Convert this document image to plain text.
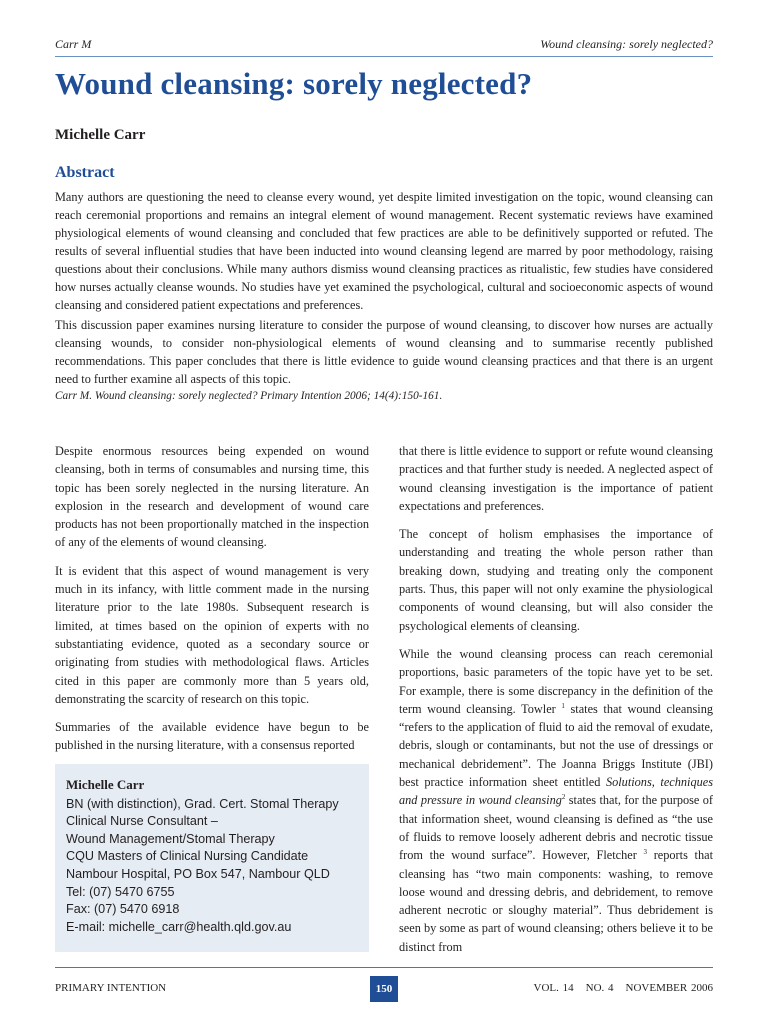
Carr M	Wound cleansing: sorely neglected?
Wound cleansing: sorely neglected?
Michelle Carr
Abstract

Many authors are questioning the need to cleanse every wound, yet despite limited investigation on the topic, wound cleansing can reach ceremonial proportions and remains an integral element of wound management. Recent systematic reviews have examined physiological elements of wound cleansing and concluded that few practices are able to be definitively supported or refuted. The results of several influential studies that have been inducted into wound cleansing legend are marred by poor methodology, raising questions about their conclusions. While many authors dismiss wound cleansing practices as ritualistic, few studies have considered how nurses actually cleanse wounds. No studies have yet examined the psychological, cultural and socioeconomic aspects of wound cleansing and considered patient expectations and preferences.

This discussion paper examines nursing literature to consider the purpose of wound cleansing, to discover how nurses are actually cleansing wounds, to consider non-physiological elements of wound cleansing and to summarise recently published recommendations. This paper concludes that there is little evidence to guide wound cleansing practices and that there is an urgent need to further examine all aspects of this topic.

Carr M. Wound cleansing: sorely neglected? Primary Intention 2006; 14(4):150-161.

Despite enormous resources being expended on wound cleansing, both in terms of consumables and nursing time, this topic has been sorely neglected in the nursing literature. An explosion in the research and development of wound care products has not been proportionally matched in the inspection of any of the elements of wound cleansing.

It is evident that this aspect of wound management is very much in its infancy, with little comment made in the nursing literature prior to the late 1980s. Subsequent research is limited, at times based on the opinion of experts with no substantiating evidence, quoted as a secondary source or originating from studies with methodological flaws. Articles cited in this paper are commonly more than 5 years old, demonstrating the scarcity of research on this topic.

Summaries of the available evidence have begun to be published in the nursing literature, with a consensus reported

that there is little evidence to support or refute wound cleansing practices and that further study is needed. A neglected aspect of wound cleansing investigation is the importance of patient expectations and preferences.

The concept of holism emphasises the importance of understanding and treating the whole person rather than breaking down, studying and treating only the component parts. Thus, this paper will not only examine the physiological components of wound cleansing, but will also consider the psychological elements of cleansing.

While the wound cleansing process can reach ceremonial proportions, basic parameters of the topic have yet to be set. For example, there is some discrepancy in the definition of the term wound cleansing. Towler $^1$ states that wound cleansing “refers to the application of fluid to aid the removal of exudate, debris, slough or contaminants, but not the use of dressings or mechanical debridement”. The Joanna Briggs Institute (JBI) best practice information sheet entitled Solutions, techniques and pressure in wound cleansing$^2$ states that, for the purpose of that information sheet, wound cleansing is defined as “the use of fluids to remove loosely adherent debris and necrotic tissue from the wound surface”. However, Fletcher $^3$ reports that cleansing has “two main components: washing, to remove loose wound and dressing debris, and debridement, to remove adherent necrotic or sloughy material”. Thus debridement is seen by some as part of wound cleansing; others believe it to be distinct from

Michelle Carr
BN (with distinction), Grad. Cert. Stomal Therapy
Clinical Nurse Consultant –
Wound Management/Stomal Therapy
CQU Masters of Clinical Nursing Candidate
Nambour Hospital, PO Box 547, Nambour QLD
Tel: (07) 5470 6755
Fax: (07) 5470 6918
E-mail: michelle_carr@health.qld.gov.au
PRIMARY INTENTION	150	VOL. 14 NO. 4 NOVEMBER 2006
